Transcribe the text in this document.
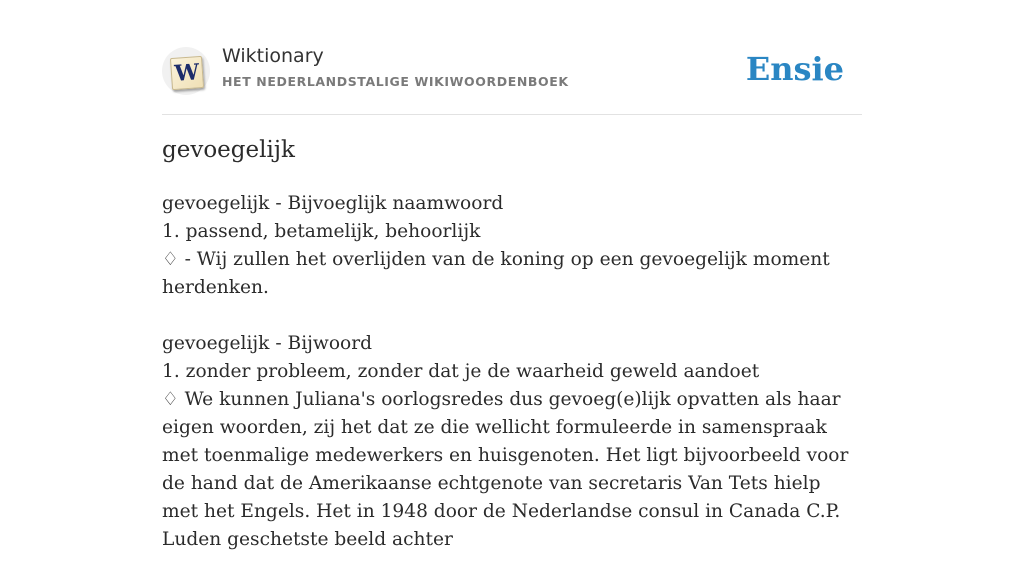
W
Wiktionary
HET NEDERLANDSTALIGE WIKIWOORDENBOEK	Ensie
gevoegelijk
gevoegelijk - Bijvoeglijk naamwoord
1. passend, betamelijk, behoorlijk
♢ - Wij zullen het overlijden van de koning op een gevoegelijk moment herdenken.
gevoegelijk - Bijwoord
1. zonder probleem, zonder dat je de waarheid geweld aandoet
♢ We kunnen Juliana's oorlogsredes dus gevoeg(e)lijk opvatten als haar eigen woorden, zij het dat ze die wellicht formuleerde in samenspraak met toenmalige medewerkers en huisgenoten. Het ligt bijvoorbeeld voor de hand dat de Amerikaanse echtgenote van secretaris Van Tets hielp met het Engels. Het in 1948 door de Nederlandse consul in Canada C.P. Luden geschetste beeld achter
